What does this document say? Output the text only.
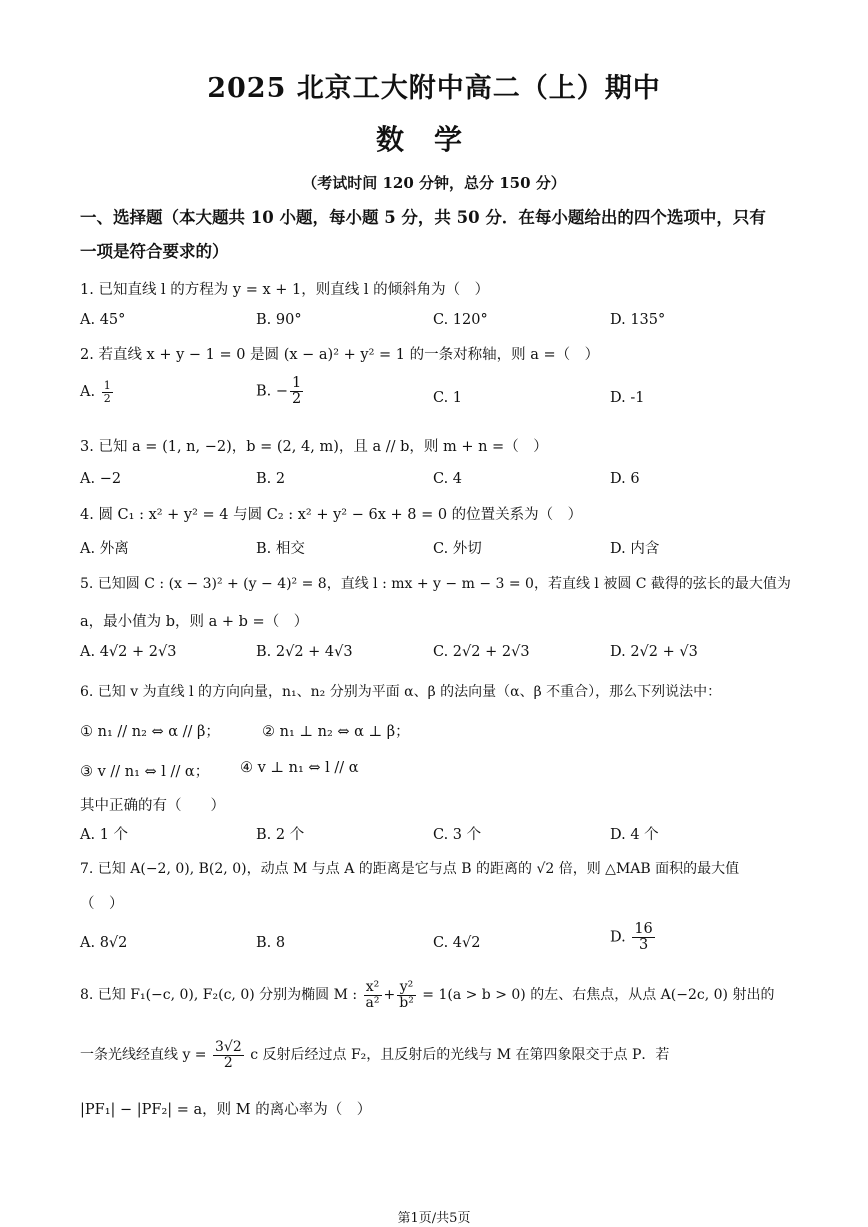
2025 北京工大附中高二（上）期中
数学
（考试时间 120 分钟，总分 150 分）
一、选择题（本大题共 10 小题，每小题 5 分，共 50 分．在每小题给出的四个选项中，只有
一项是符合要求的）
1. 已知直线 l 的方程为 y = x + 1，则直线 l 的倾斜角为（　）
A. 45°	B. 90°	C. 120°	D. 135°
2. 若直线 x + y − 1 = 0 是圆 (x − a)² + y² = 1 的一条对称轴，则 a =（　）
A. $\frac{1}{2}$	B. − $\frac{1}{2}$	C. 1	D. -1
3. 已知 a = (1, n, −2)，b = (2, 4, m)，且 a // b，则 m + n =（　）
A. −2	B. 2	C. 4	D. 6
4. 圆 C₁ : x² + y² = 4 与圆 C₂ : x² + y² − 6x + 8 = 0 的位置关系为（　）
A. 外离	B. 相交	C. 外切	D. 内含
5. 已知圆 C : (x − 3)² + (y − 4)² = 8，直线 l : mx + y − m − 3 = 0，若直线 l 被圆 C 截得的弦长的最大值为
a，最小值为 b，则 a + b =（　）
A. 4√2 + 2√3	B. 2√2 + 4√3	C. 2√2 + 2√3	D. 2√2 + √3
6. 已知 v 为直线 l 的方向向量，n₁、n₂ 分别为平面 α、β 的法向量（α、β 不重合），那么下列说法中：
① n₁ // n₂ ⇔ α // β；	② n₁ ⊥ n₂ ⇔ α ⊥ β；
③ v // n₁ ⇔ l // α； ④ v ⊥ n₁ ⇔ l // α
其中正确的有（　　）
A. 1 个	B. 2 个	C. 3 个	D. 4 个
7. 已知 A(−2, 0), B(2, 0)，动点 M 与点 A 的距离是它与点 B 的距离的 √2 倍，则 △MAB 面积的最大值
（　）
A. 8√2	B. 8	C. 4√2	D. $\frac{16}{3}$
8. 已知 F₁(−c, 0), F₂(c, 0) 分别为椭圆 M : $\frac{\text{x²}}{\text{a²}} + \frac{\text{y²}}{\text{b²}} = 1(a > b > 0)$ 的左、右焦点，从点 A(−2c, 0) 射出的
一条光线经直线 $y = \frac{3√2}{2}$ c 反射后经过点 F₂，且反射后的光线与 M 在第四象限交于点 P．若
|PF₁| − |PF₂| = a，则 M 的离心率为（　）
第1页/共5页
